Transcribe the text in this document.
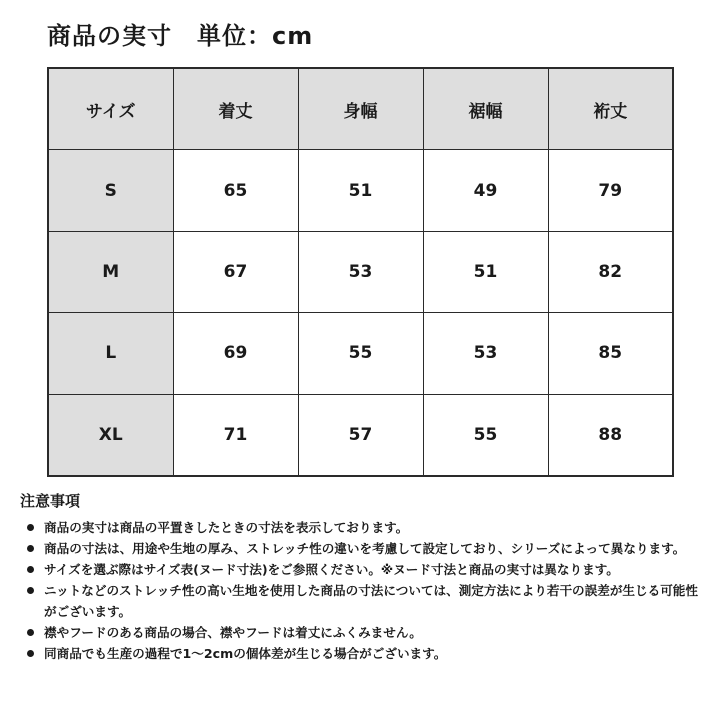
商品の実寸　単位：cm
サイズ	着丈	身幅	裾幅	裄丈
S	65	51	49	79
M	67	53	51	82
L	69	55	53	85
XL	71	57	55	88
注意事項
商品の実寸は商品の平置きしたときの寸法を表示しております。
商品の寸法は、用途や生地の厚み、ストレッチ性の違いを考慮して設定しており、シリーズによって異なります。
サイズを選ぶ際はサイズ表(ヌード寸法)をご参照ください。※ヌード寸法と商品の実寸は異なります。
ニットなどのストレッチ性の高い生地を使用した商品の寸法については、測定方法により若干の誤差が生じる可能性がございます。
襟やフードのある商品の場合、襟やフードは着丈にふくみません。
同商品でも生産の過程で1〜2cmの個体差が生じる場合がございます。
